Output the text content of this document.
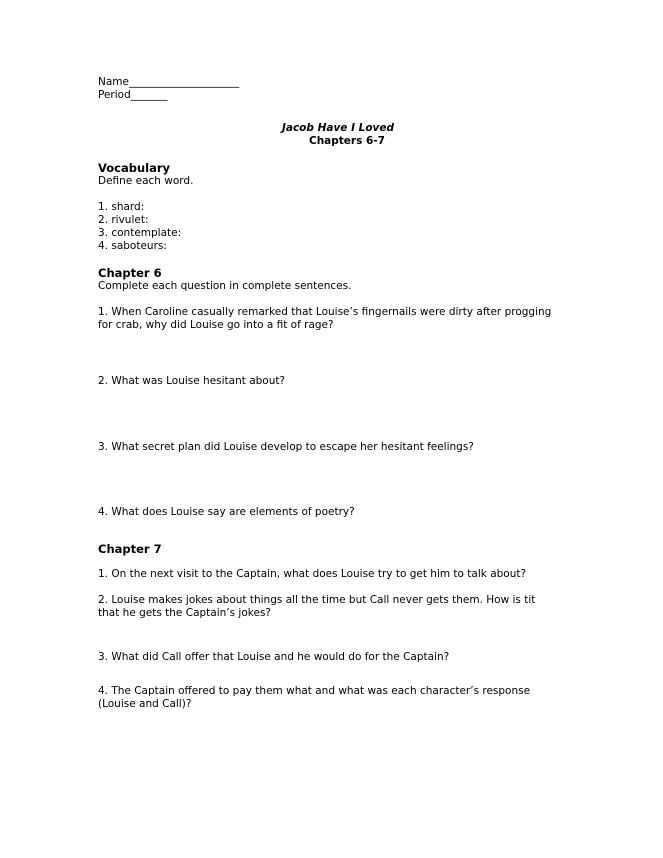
Name_____________________
Period_______
Jacob Have I Loved
Chapters 6-7
Vocabulary
Define each word.
1. shard:
2. rivulet:
3. contemplate:
4. saboteurs:
Chapter 6
Complete each question in complete sentences.
1. When Caroline casually remarked that Louise’s fingernails were dirty after progging for crab, why did Louise go into a fit of rage?
2. What was Louise hesitant about?
3. What secret plan did Louise develop to escape her hesitant feelings?
4. What does Louise say are elements of poetry?
Chapter 7
1. On the next visit to the Captain, what does Louise try to get him to talk about?
2. Louise makes jokes about things all the time but Call never gets them. How is tit that he gets the Captain’s jokes?
3. What did Call offer that Louise and he would do for the Captain?
4. The Captain offered to pay them what and what was each character’s response (Louise and Call)?
